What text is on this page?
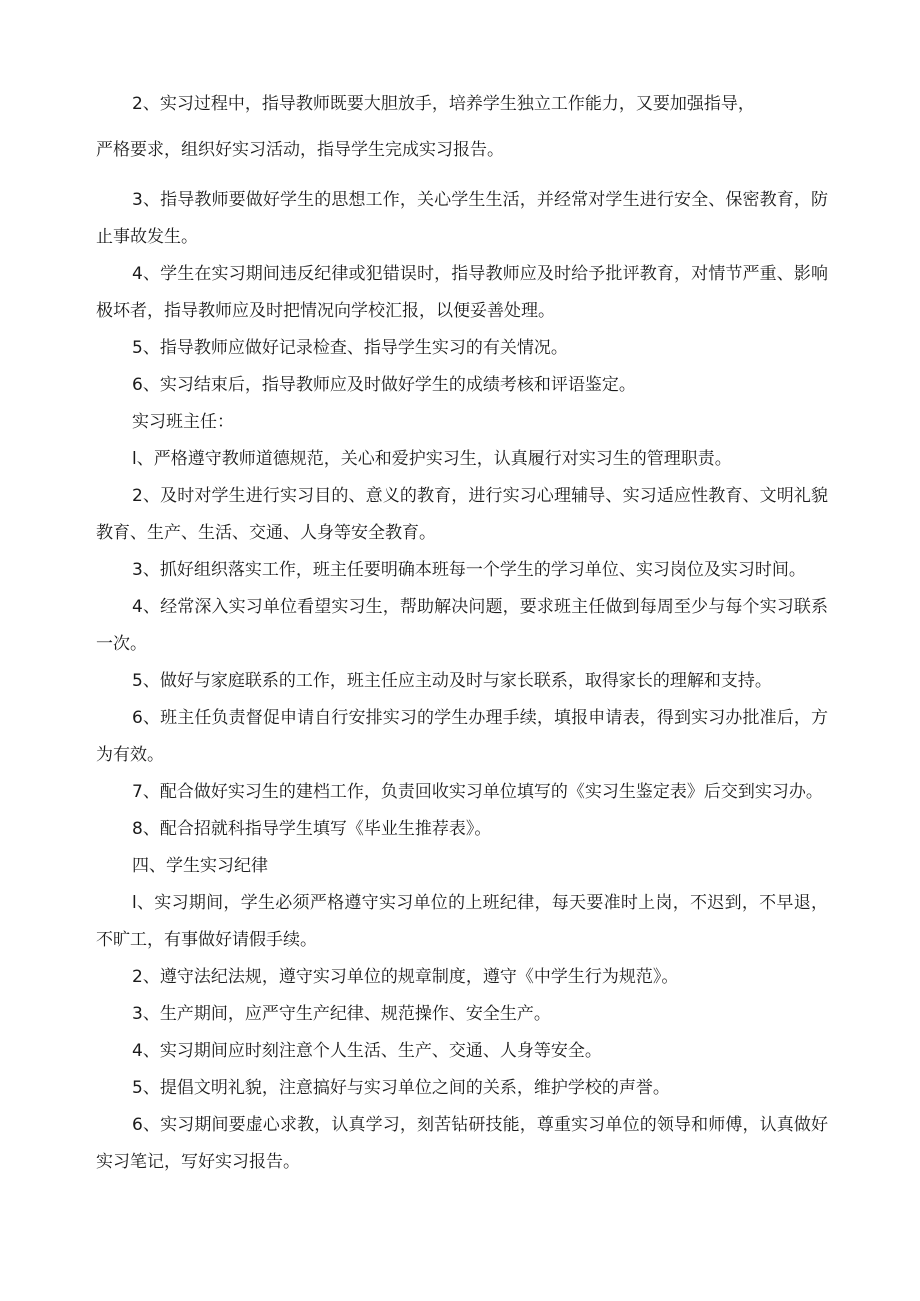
2、实习过程中，指导教师既要大胆放手，培养学生独立工作能力，又要加强指导，

严格要求，组织好实习活动，指导学生完成实习报告。

3、指导教师要做好学生的思想工作，关心学生生活，并经常对学生进行安全、保密教育，防止事故发生。

4、学生在实习期间违反纪律或犯错误时，指导教师应及时给予批评教育，对情节严重、影响极坏者，指导教师应及时把情况向学校汇报，以便妥善处理。

5、指导教师应做好记录检查、指导学生实习的有关情况。

6、实习结束后，指导教师应及时做好学生的成绩考核和评语鉴定。

实习班主任：

l、严格遵守教师道德规范，关心和爱护实习生，认真履行对实习生的管理职责。

2、及时对学生进行实习目的、意义的教育，进行实习心理辅导、实习适应性教育、文明礼貌教育、生产、生活、交通、人身等安全教育。

3、抓好组织落实工作，班主任要明确本班每一个学生的学习单位、实习岗位及实习时间。

4、经常深入实习单位看望实习生，帮助解决问题，要求班主任做到每周至少与每个实习联系一次。

5、做好与家庭联系的工作，班主任应主动及时与家长联系，取得家长的理解和支持。

6、班主任负责督促申请自行安排实习的学生办理手续，填报申请表，得到实习办批准后，方为有效。

7、配合做好实习生的建档工作，负责回收实习单位填写的《实习生鉴定表》后交到实习办。

8、配合招就科指导学生填写《毕业生推荐表》。

四、学生实习纪律

l、实习期间，学生必须严格遵守实习单位的上班纪律，每天要准时上岗，不迟到，不早退，不旷工，有事做好请假手续。

2、遵守法纪法规，遵守实习单位的规章制度，遵守《中学生行为规范》。

3、生产期间，应严守生产纪律、规范操作、安全生产。

4、实习期间应时刻注意个人生活、生产、交通、人身等安全。

5、提倡文明礼貌，注意搞好与实习单位之间的关系，维护学校的声誉。

6、实习期间要虚心求教，认真学习，刻苦钻研技能，尊重实习单位的领导和师傅，认真做好实习笔记，写好实习报告。
